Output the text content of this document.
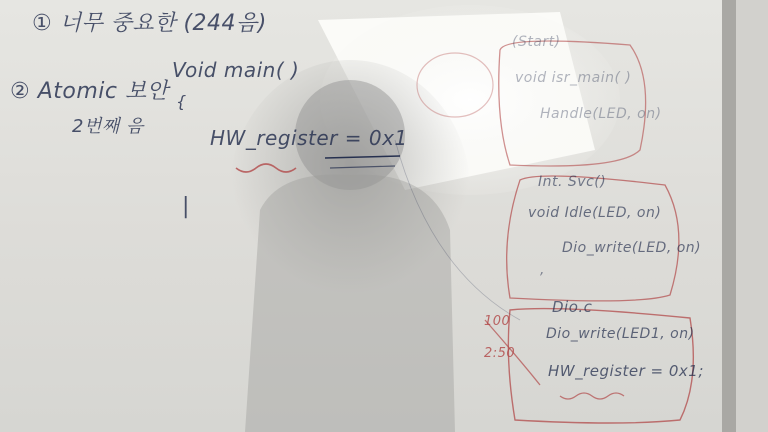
① 너무 중요한 (244음)
② Atomic 보안
2번째 음
Void main( )
{
HW_register = 0x1
|
(Start)
void isr_main( )
Handle(LED, on)
Int. Svc()
void Idle(LED, on)
Dio_write(LED, on)
,
Dio.c
Dio_write(LED1, on)
HW_register = 0x1;
100
2:50
